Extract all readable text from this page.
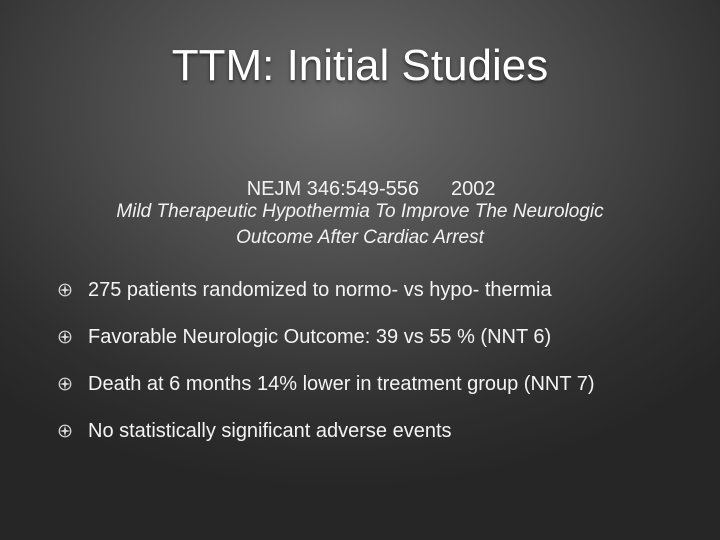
TTM: Initial Studies

NEJM 346:549-556 2002

Mild Therapeutic Hypothermia To Improve The Neurologic
Outcome After Cardiac Arrest
275 patients randomized to normo- vs hypo- thermia
Favorable Neurologic Outcome: 39 vs 55 % (NNT 6)
Death at 6 months 14% lower in treatment group (NNT 7)
No statistically significant adverse events
